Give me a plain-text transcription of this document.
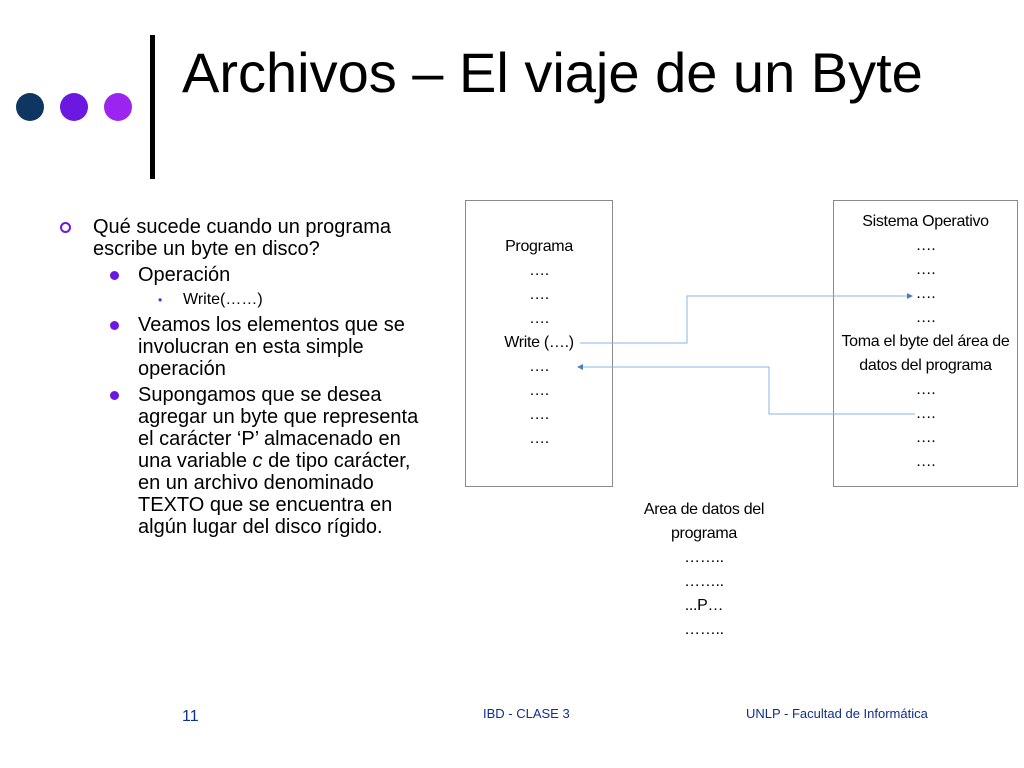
Archivos – El viaje de un Byte
Qué sucede cuando un programa escribe un byte en disco?
Operación
• Write(……)
Veamos los elementos que se involucran en esta simple operación
Supongamos que se desea agregar un byte que representa el carácter ‘P’ almacenado en una variable c de tipo carácter, en un archivo denominado TEXTO que se encuentra en algún lugar del disco rígido.
Programa
….
….
….
Write (….)
….
….
….
….
Sistema Operativo
….
….
….
….
Toma el byte del área de
datos del programa
….
….
….
….
Area de datos del
programa
……..
……..
...P…
……..
11	IBD - CLASE 3	UNLP - Facultad de Informática
